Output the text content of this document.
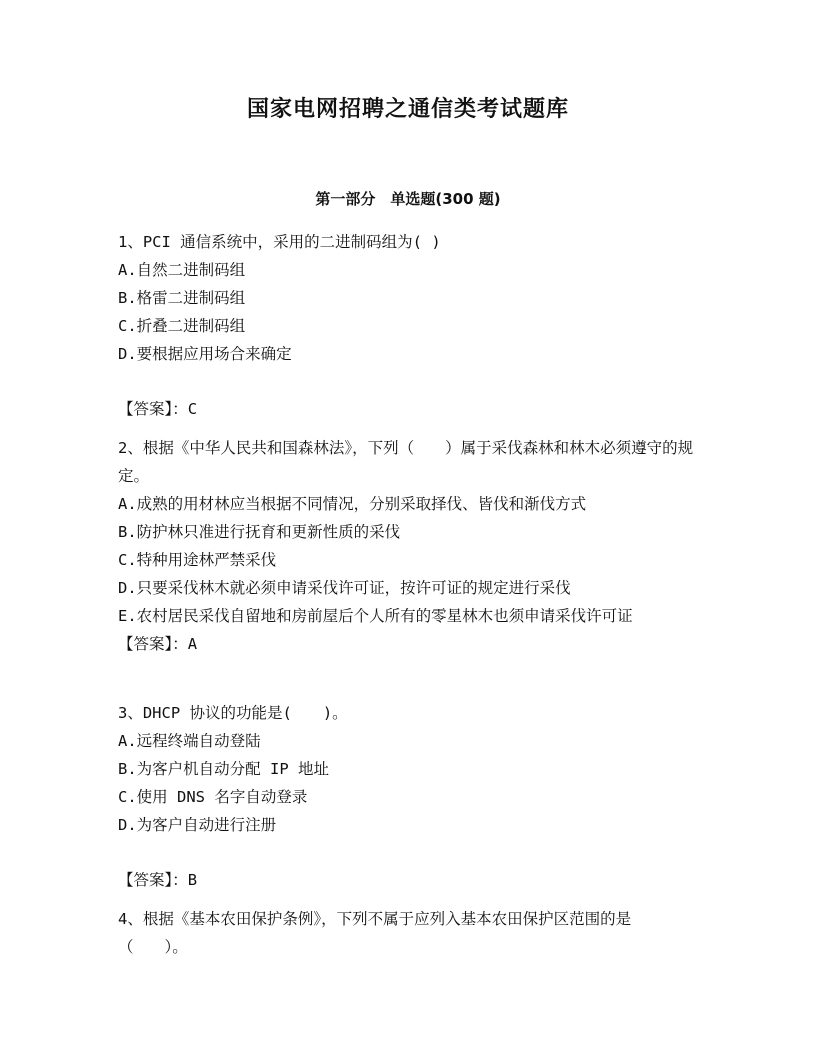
国家电网招聘之通信类考试题库
第一部分　单选题(300 题)
1、PCI 通信系统中，采用的二进制码组为( )
A.自然二进制码组
B.格雷二进制码组
C.折叠二进制码组
D.要根据应用场合来确定
【答案】：C
2、根据《中华人民共和国森林法》，下列（　　）属于采伐森林和林木必须遵守的规定。
A.成熟的用材林应当根据不同情况，分别采取择伐、皆伐和渐伐方式
B.防护林只准进行抚育和更新性质的采伐
C.特种用途林严禁采伐
D.只要采伐林木就必须申请采伐许可证，按许可证的规定进行采伐
E.农村居民采伐自留地和房前屋后个人所有的零星林木也须申请采伐许可证
【答案】：A
3、DHCP 协议的功能是(　　)。
A.远程终端自动登陆
B.为客户机自动分配 IP 地址
C.使用 DNS 名字自动登录
D.为客户自动进行注册
【答案】：B
4、根据《基本农田保护条例》，下列不属于应列入基本农田保护区范围的是（　　）。
